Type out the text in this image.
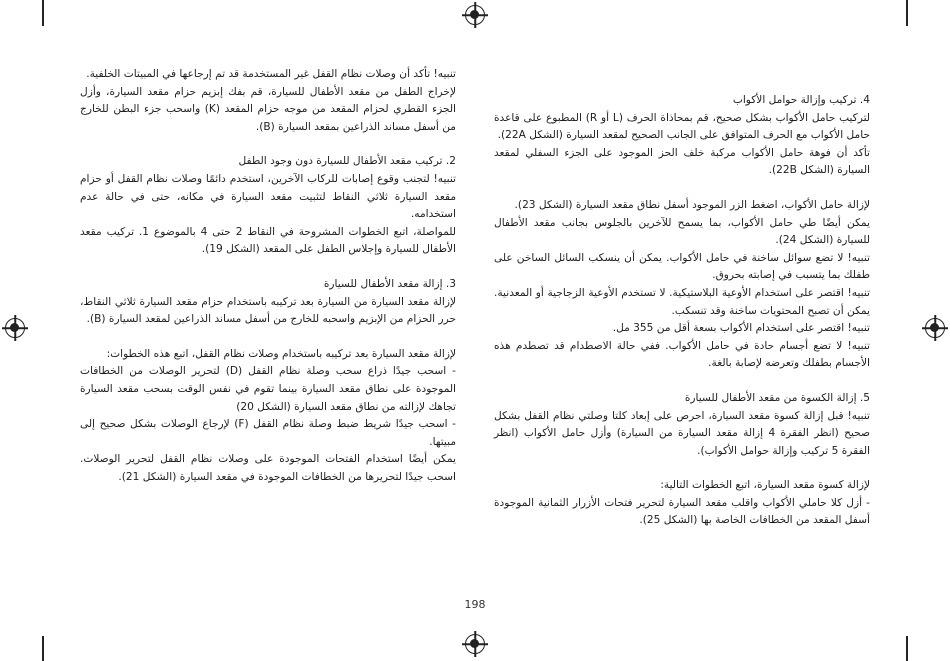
تنبيه! تأكد أن وصلات نظام القفل غير المستخدمة قد تم إرجاعها في المبيتات الخلفية.

لإخراج الطفل من مقعد الأطفال للسيارة، قم بفك إبزيم حزام مقعد السيارة، وأزل الجزء القطري لحزام المقعد من موجه حزام المقعد (K) واسحب جزء البطن للخارج من أسفل مساند الذراعين بمقعد السيارة (B).

2. تركيب مقعد الأطفال للسيارة دون وجود الطفل

تنبيه! لتجنب وقوع إصابات للركاب الآخرين، استخدم دائمًا وصلات نظام القفل أو حزام مقعد السيارة ثلاثي النقاط لتثبيت مقعد السيارة في مكانه، حتى في حالة عدم استخدامه.

للمواصلة، اتبع الخطوات المشروحة في النقاط 2 حتى 4 بالموضوع 1. تركيب مقعد الأطفال للسيارة وإجلاس الطفل على المقعد (الشكل 19).

3. إزالة مقعد الأطفال للسيارة

لإزالة مقعد السيارة من السيارة بعد تركيبه باستخدام حزام مقعد السيارة ثلاثي النقاط، حرر الحزام من الإبزيم واسحبه للخارج من أسفل مساند الذراعين لمقعد السيارة (B).

لإزالة مقعد السيارة بعد تركيبه باستخدام وصلات نظام القفل، اتبع هذه الخطوات:

- اسحب جيدًا ذراع سحب وصلة نظام القفل (D) لتحرير الوصلات من الخطافات الموجودة على نطاق مقعد السيارة بينما تقوم في نفس الوقت بسحب مقعد السيارة تجاهك لإزالته من نطاق مقعد السيارة (الشكل 20)

- اسحب جيدًا شريط ضبط وصلة نظام القفل (F) لإرجاع الوصلات بشكل صحيح إلى مبيتها.

يمكن أيضًا استخدام الفتحات الموجودة على وصلات نظام القفل لتحرير الوصلات. اسحب جيدًا لتحريرها من الخطافات الموجودة في مقعد السيارة (الشكل 21).

4. تركيب وإزالة حوامل الأكواب

لتركيب حامل الأكواب بشكل صحيح، قم بمحاذاة الحرف (L أو R) المطبوع على قاعدة حامل الأكواب مع الحرف المتوافق على الجانب الصحيح لمقعد السيارة (الشكل 22A).

تأكد أن فوهة حامل الأكواب مركبة خلف الحز الموجود على الجزء السفلي لمقعد السيارة (الشكل 22B).

لإزالة حامل الأكواب، اضغط الزر الموجود أسفل نطاق مقعد السيارة (الشكل 23).

يمكن أيضًا طي حامل الأكواب، بما يسمح للآخرين بالجلوس بجانب مقعد الأطفال للسيارة (الشكل 24).

تنبيه! لا تضع سوائل ساخنة في حامل الأكواب. يمكن أن ينسكب السائل الساخن على طفلك بما يتسبب في إصابته بحروق.

تنبيه! اقتصر على استخدام الأوعية البلاستيكية. لا تستخدم الأوعية الزجاجية أو المعدنية. يمكن أن تصبح المحتويات ساخنة وقد تنسكب.

تنبيه! اقتصر على استخدام الأكواب بسعة أقل من 355 مل.

تنبيه! لا تضع أجسام حادة في حامل الأكواب. ففي حالة الاصطدام قد تصطدم هذه الأجسام بطفلك وتعرضه لإصابة بالغة.

5. إزالة الكسوة من مقعد الأطفال للسيارة

تنبيه! قبل إزالة كسوة مقعد السيارة، احرص على إبعاد كلتا وصلتي نظام القفل بشكل صحيح (انظر الفقرة 4 إزالة مقعد السيارة من السيارة) وأزل حامل الأكواب (انظر الفقرة 5 تركيب وإزالة حوامل الأكواب).

لإزالة كسوة مقعد السيارة، اتبع الخطوات التالية:

- أزل كلا حاملي الأكواب واقلب مقعد السيارة لتحرير فتحات الأزرار الثمانية الموجودة أسفل المقعد من الخطافات الخاصة بها (الشكل 25).

198
